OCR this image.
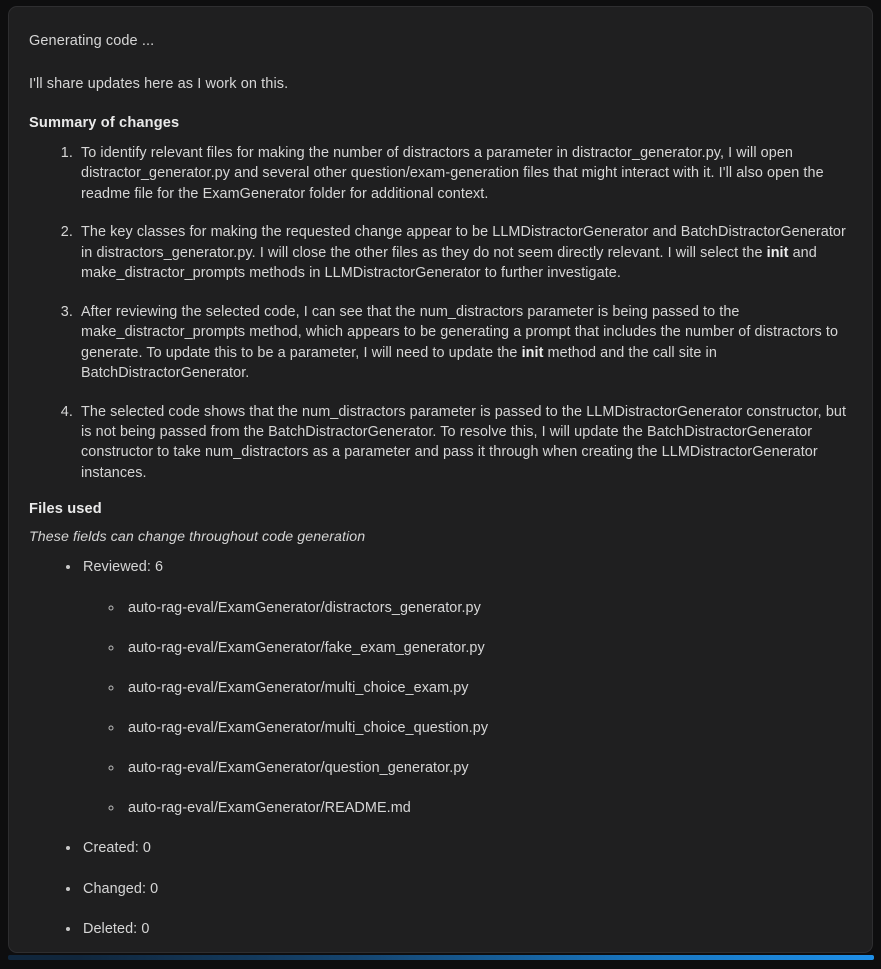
Generating code ...

I'll share updates here as I work on this.

Summary of changes
1. To identify relevant files for making the number of distractors a parameter in distractor_generator.py, I will open distractor_generator.py and several other question/exam-generation files that might interact with it. I'll also open the readme file for the ExamGenerator folder for additional context.
2. The key classes for making the requested change appear to be LLMDistractorGenerator and BatchDistractorGenerator in distractors_generator.py. I will close the other files as they do not seem directly relevant. I will select the init and make_distractor_prompts methods in LLMDistractorGenerator to further investigate.
3. After reviewing the selected code, I can see that the num_distractors parameter is being passed to the make_distractor_prompts method, which appears to be generating a prompt that includes the number of distractors to generate. To update this to be a parameter, I will need to update the init method and the call site in BatchDistractorGenerator.
4. The selected code shows that the num_distractors parameter is passed to the LLMDistractorGenerator constructor, but is not being passed from the BatchDistractorGenerator. To resolve this, I will update the BatchDistractorGenerator constructor to take num_distractors as a parameter and pass it through when creating the LLMDistractorGenerator instances.
Files used

These fields can change throughout code generation

• Reviewed: 6
◦ auto-rag-eval/ExamGenerator/distractors_generator.py
◦ auto-rag-eval/ExamGenerator/fake_exam_generator.py
◦ auto-rag-eval/ExamGenerator/multi_choice_exam.py
◦ auto-rag-eval/ExamGenerator/multi_choice_question.py
◦ auto-rag-eval/ExamGenerator/question_generator.py
◦ auto-rag-eval/ExamGenerator/README.md
• Created: 0
• Changed: 0
• Deleted: 0
